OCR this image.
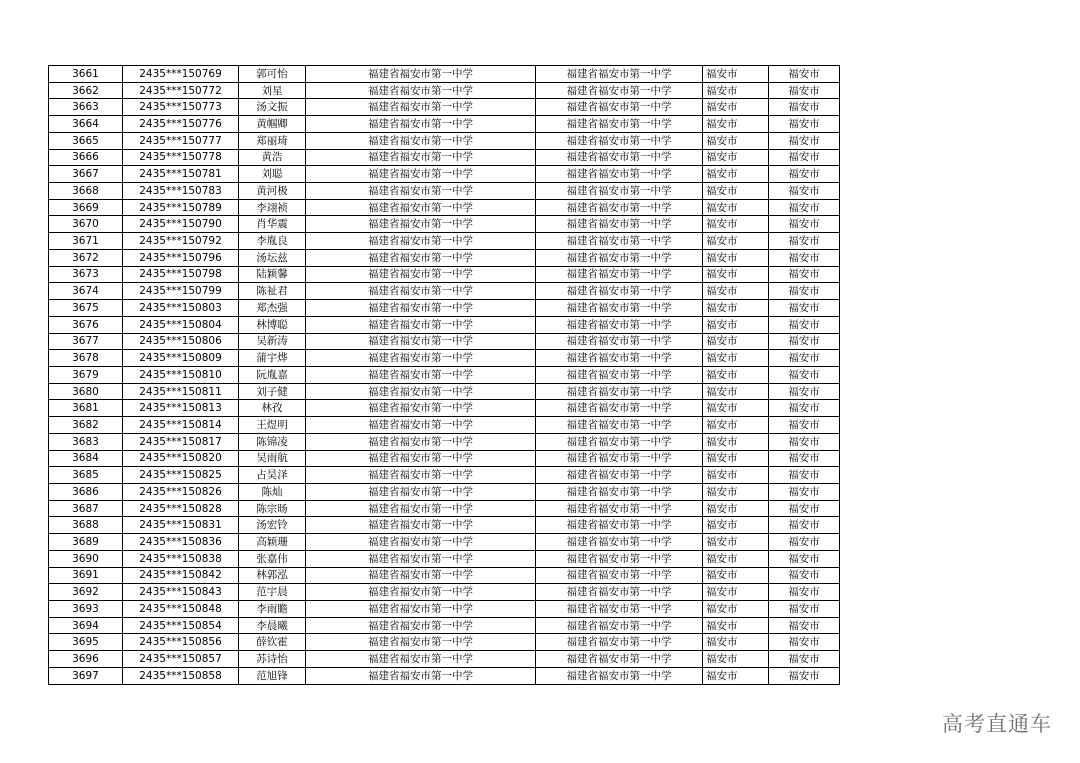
3661	2435***150769	郭可怡	福建省福安市第一中学	福建省福安市第一中学	福安市	福安市
3662	2435***150772	刘星	福建省福安市第一中学	福建省福安市第一中学	福安市	福安市
3663	2435***150773	汤文振	福建省福安市第一中学	福建省福安市第一中学	福安市	福安市
3664	2435***150776	黄帼卿	福建省福安市第一中学	福建省福安市第一中学	福安市	福安市
3665	2435***150777	郑丽琦	福建省福安市第一中学	福建省福安市第一中学	福安市	福安市
3666	2435***150778	黄浩	福建省福安市第一中学	福建省福安市第一中学	福安市	福安市
3667	2435***150781	刘聪	福建省福安市第一中学	福建省福安市第一中学	福安市	福安市
3668	2435***150783	黄河极	福建省福安市第一中学	福建省福安市第一中学	福安市	福安市
3669	2435***150789	李翊祯	福建省福安市第一中学	福建省福安市第一中学	福安市	福安市
3670	2435***150790	肖华震	福建省福安市第一中学	福建省福安市第一中学	福安市	福安市
3671	2435***150792	李胤良	福建省福安市第一中学	福建省福安市第一中学	福安市	福安市
3672	2435***150796	汤坛兹	福建省福安市第一中学	福建省福安市第一中学	福安市	福安市
3673	2435***150798	陆颖馨	福建省福安市第一中学	福建省福安市第一中学	福安市	福安市
3674	2435***150799	陈祉君	福建省福安市第一中学	福建省福安市第一中学	福安市	福安市
3675	2435***150803	郑杰强	福建省福安市第一中学	福建省福安市第一中学	福安市	福安市
3676	2435***150804	林博聪	福建省福安市第一中学	福建省福安市第一中学	福安市	福安市
3677	2435***150806	吴新涛	福建省福安市第一中学	福建省福安市第一中学	福安市	福安市
3678	2435***150809	蒲宇烨	福建省福安市第一中学	福建省福安市第一中学	福安市	福安市
3679	2435***150810	阮胤嘉	福建省福安市第一中学	福建省福安市第一中学	福安市	福安市
3680	2435***150811	刘子健	福建省福安市第一中学	福建省福安市第一中学	福安市	福安市
3681	2435***150813	林孜	福建省福安市第一中学	福建省福安市第一中学	福安市	福安市
3682	2435***150814	王煜明	福建省福安市第一中学	福建省福安市第一中学	福安市	福安市
3683	2435***150817	陈锦凌	福建省福安市第一中学	福建省福安市第一中学	福安市	福安市
3684	2435***150820	吴雨航	福建省福安市第一中学	福建省福安市第一中学	福安市	福安市
3685	2435***150825	占昊泽	福建省福安市第一中学	福建省福安市第一中学	福安市	福安市
3686	2435***150826	陈灿	福建省福安市第一中学	福建省福安市第一中学	福安市	福安市
3687	2435***150828	陈宗旸	福建省福安市第一中学	福建省福安市第一中学	福安市	福安市
3688	2435***150831	汤宏铃	福建省福安市第一中学	福建省福安市第一中学	福安市	福安市
3689	2435***150836	高颖珊	福建省福安市第一中学	福建省福安市第一中学	福安市	福安市
3690	2435***150838	张嘉伟	福建省福安市第一中学	福建省福安市第一中学	福安市	福安市
3691	2435***150842	林郭泓	福建省福安市第一中学	福建省福安市第一中学	福安市	福安市
3692	2435***150843	范宇晨	福建省福安市第一中学	福建省福安市第一中学	福安市	福安市
3693	2435***150848	李雨瞻	福建省福安市第一中学	福建省福安市第一中学	福安市	福安市
3694	2435***150854	李晨曦	福建省福安市第一中学	福建省福安市第一中学	福安市	福安市
3695	2435***150856	薛钦霍	福建省福安市第一中学	福建省福安市第一中学	福安市	福安市
3696	2435***150857	苏诗怡	福建省福安市第一中学	福建省福安市第一中学	福安市	福安市
3697	2435***150858	范旭锋	福建省福安市第一中学	福建省福安市第一中学	福安市	福安市
高考直通车
